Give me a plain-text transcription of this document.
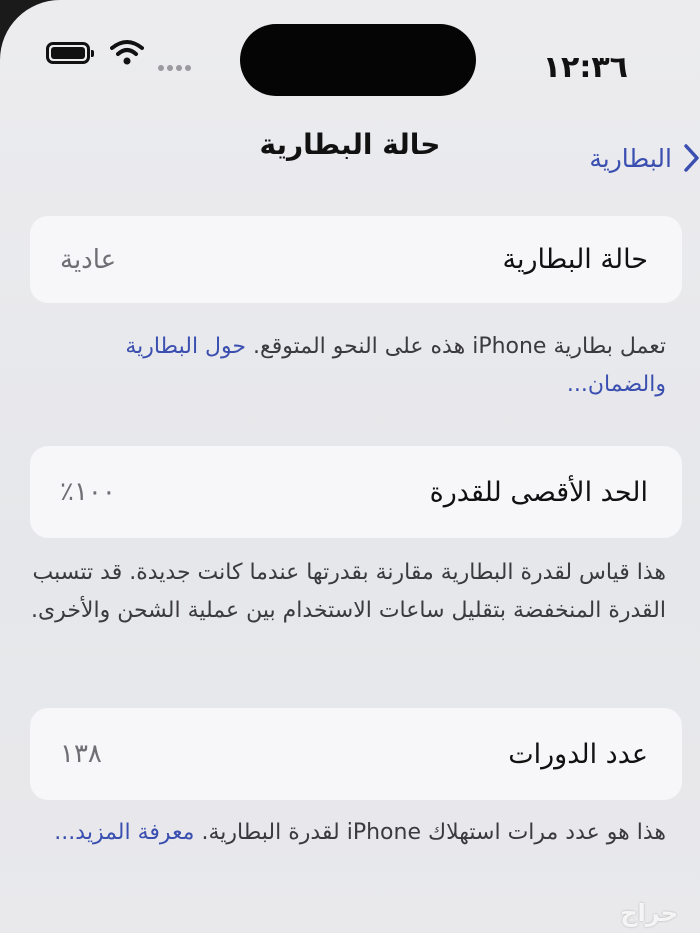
١٢:٣٦
حالة البطارية	البطارية
حالة البطارية
عادية
تعمل بطارية iPhone هذه على النحو المتوقع. حول البطارية والضمان...
الحد الأقصى للقدرة
١٠٠٪
هذا قياس لقدرة البطارية مقارنة بقدرتها عندما كانت جديدة. قد تتسبب القدرة المنخفضة بتقليل ساعات الاستخدام بين عملية الشحن والأخرى.
عدد الدورات
١٣٨
هذا هو عدد مرات استهلاك iPhone لقدرة البطارية. معرفة المزيد...
حراج
